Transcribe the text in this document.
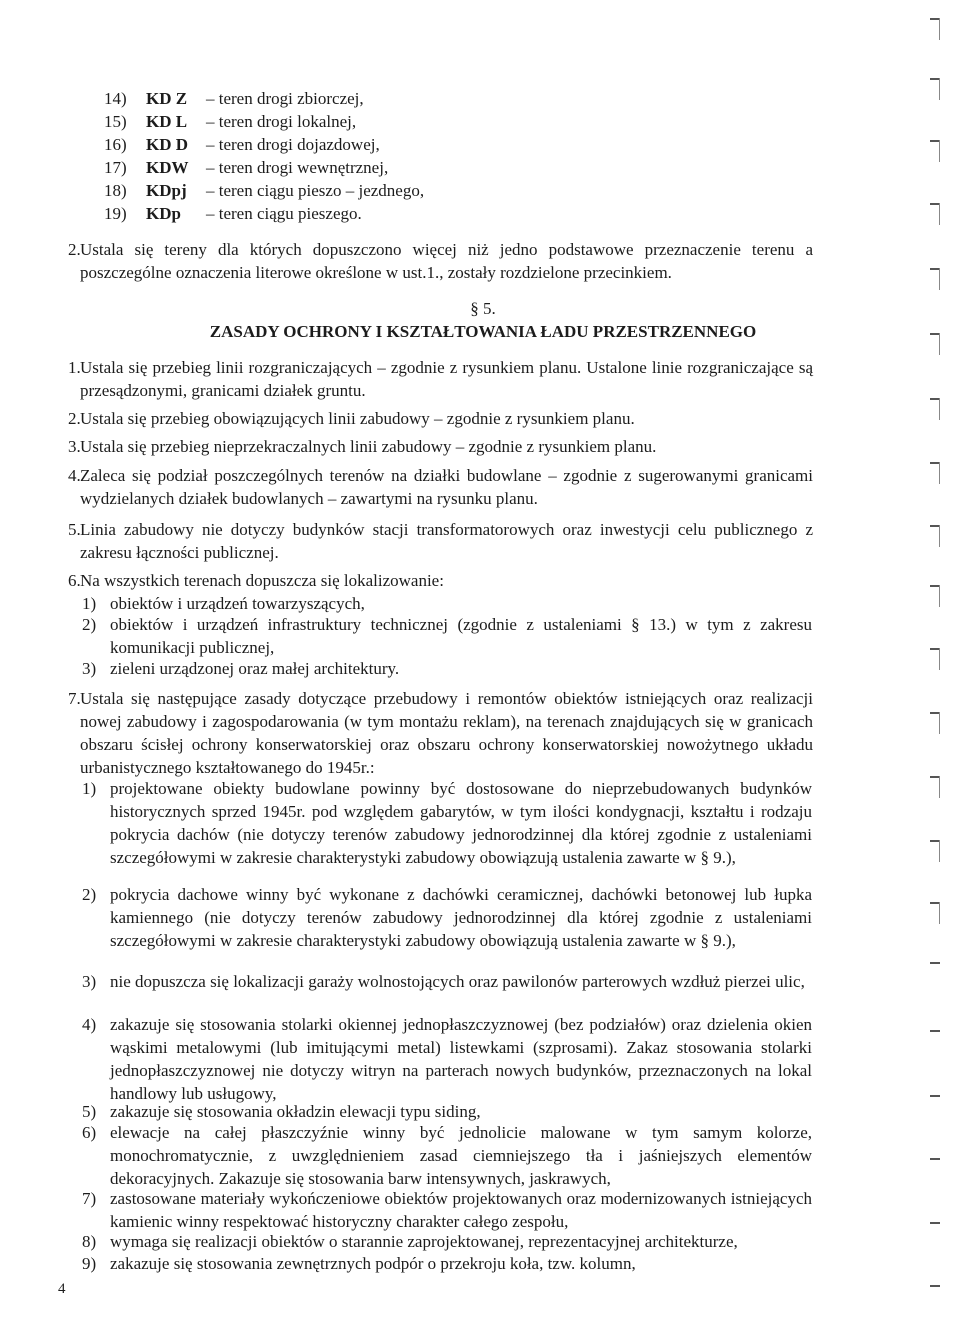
14) KD Z – teren drogi zbiorczej,
15) KD L – teren drogi lokalnej,
16) KD D – teren drogi dojazdowej,
17) KDW – teren drogi wewnętrznej,
18) KDpj – teren ciągu pieszo – jezdnego,
19) KDp – teren ciągu pieszego.
2. Ustala się tereny dla których dopuszczono więcej niż jedno podstawowe przeznaczenie terenu a poszczególne oznaczenia literowe określone w ust.1., zostały rozdzielone przecinkiem.
§ 5.
ZASADY OCHRONY I KSZTAŁTOWANIA ŁADU PRZESTRZENNEGO
1. Ustala się przebieg linii rozgraniczających – zgodnie z rysunkiem planu. Ustalone linie rozgraniczające są przesądzonymi, granicami działek gruntu.
2. Ustala się przebieg obowiązujących linii zabudowy – zgodnie z rysunkiem planu.
3. Ustala się przebieg nieprzekraczalnych linii zabudowy – zgodnie z rysunkiem planu.
4. Zaleca się podział poszczególnych terenów na działki budowlane – zgodnie z sugerowanymi granicami wydzielanych działek budowlanych – zawartymi na rysunku planu.
5. Linia zabudowy nie dotyczy budynków stacji transformatorowych oraz inwestycji celu publicznego z zakresu łączności publicznej.
6. Na wszystkich terenach dopuszcza się lokalizowanie:
1) obiektów i urządzeń towarzyszących,
2) obiektów i urządzeń infrastruktury technicznej (zgodnie z ustaleniami § 13.) w tym z zakresu komunikacji publicznej,
3) zieleni urządzonej oraz małej architektury.
7. Ustala się następujące zasady dotyczące przebudowy i remontów obiektów istniejących oraz realizacji nowej zabudowy i zagospodarowania (w tym montażu reklam), na terenach znajdujących się w granicach obszaru ścisłej ochrony konserwatorskiej oraz obszaru ochrony konserwatorskiej nowożytnego układu urbanistycznego kształtowanego do 1945r.:
1) projektowane obiekty budowlane powinny być dostosowane do nieprzebudowanych budynków historycznych sprzed 1945r. pod względem gabarytów, w tym ilości kondygnacji, kształtu i rodzaju pokrycia dachów (nie dotyczy terenów zabudowy jednorodzinnej dla której zgodnie z ustaleniami szczegółowymi w zakresie charakterystyki zabudowy obowiązują ustalenia zawarte w § 9.),
2) pokrycia dachowe winny być wykonane z dachówki ceramicznej, dachówki betonowej lub łupka kamiennego (nie dotyczy terenów zabudowy jednorodzinnej dla której zgodnie z ustaleniami szczegółowymi w zakresie charakterystyki zabudowy obowiązują ustalenia zawarte w § 9.),
3) nie dopuszcza się lokalizacji garaży wolnostojących oraz pawilonów parterowych wzdłuż pierzei ulic,
4) zakazuje się stosowania stolarki okiennej jednopłaszczyznowej (bez podziałów) oraz dzielenia okien wąskimi metalowymi (lub imitującymi metal) listewkami (szprosami). Zakaz stosowania stolarki jednopłaszczyznowej nie dotyczy witryn na parterach nowych budynków, przeznaczonych na lokal handlowy lub usługowy,
5) zakazuje się stosowania okładzin elewacji typu siding,
6) elewacje na całej płaszczyźnie winny być jednolicie malowane w tym samym kolorze, monochromatycznie, z uwzględnieniem zasad ciemniejszego tła i jaśniejszych elementów dekoracyjnych. Zakazuje się stosowania barw intensywnych, jaskrawych,
7) zastosowane materiały wykończeniowe obiektów projektowanych oraz modernizowanych istniejących kamienic winny respektować historyczny charakter całego zespołu,
8) wymaga się realizacji obiektów o starannie zaprojektowanej, reprezentacyjnej architekturze,
9) zakazuje się stosowania zewnętrznych podpór o przekroju koła, tzw. kolumn,
4
